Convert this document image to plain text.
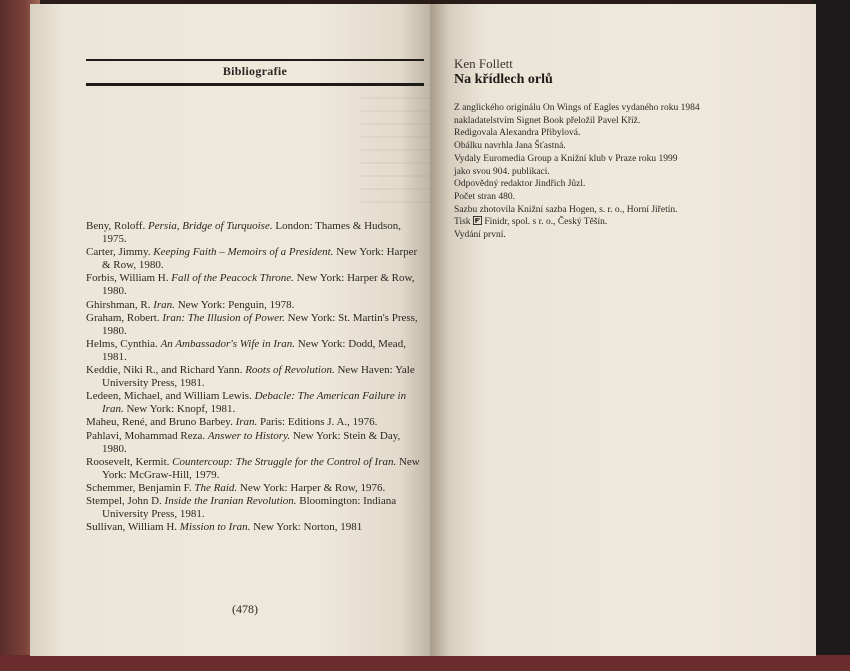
Bibliografie

Beny, Roloff. Persia, Bridge of Turquoise. London: Thames & Hudson, 1975.

Carter, Jimmy. Keeping Faith – Memoirs of a President. New York: Harper & Row, 1980.

Forbis, William H. Fall of the Peacock Throne. New York: Harper & Row, 1980.

Ghirshman, R. Iran. New York: Penguin, 1978.

Graham, Robert. Iran: The Illusion of Power. New York: St. Martin's Press, 1980.

Helms, Cynthia. An Ambassador's Wife in Iran. New York: Dodd, Mead, 1981.

Keddie, Niki R., and Richard Yann. Roots of Revolution. New Haven: Yale University Press, 1981.

Ledeen, Michael, and William Lewis. Debacle: The American Failure in Iran. New York: Knopf, 1981.

Maheu, René, and Bruno Barbey. Iran. Paris: Editions J. A., 1976.

Pahlavi, Mohammad Reza. Answer to History. New York: Stein & Day, 1980.

Roosevelt, Kermit. Countercoup: The Struggle for the Control of Iran. New York: McGraw-Hill, 1979.

Schemmer, Benjamin F. The Raid. New York: Harper & Row, 1976.

Stempel, John D. Inside the Iranian Revolution. Bloomington: Indiana University Press, 1981.

Sullivan, William H. Mission to Iran. New York: Norton, 1981

(478)
Ken Follett
Na křídlech orlů

Z anglického originálu On Wings of Eagles vydaného roku 1984

nakladatelstvím Signet Book přeložil Pavel Kříž.

Redigovala Alexandra Přibylová.

Obálku navrhla Jana Šťastná.

Vydaly Euromedia Group a Knižní klub v Praze roku 1999

jako svou 904. publikaci.

Odpovědný redaktor Jindřich Jůzl.

Počet stran 480.

Sazbu zhotovila Knižní sazba Hogen, s. r. o., Horní Jiřetín.

Tisk Finidr, spol. s r. o., Český Těšín.

Vydání první.
